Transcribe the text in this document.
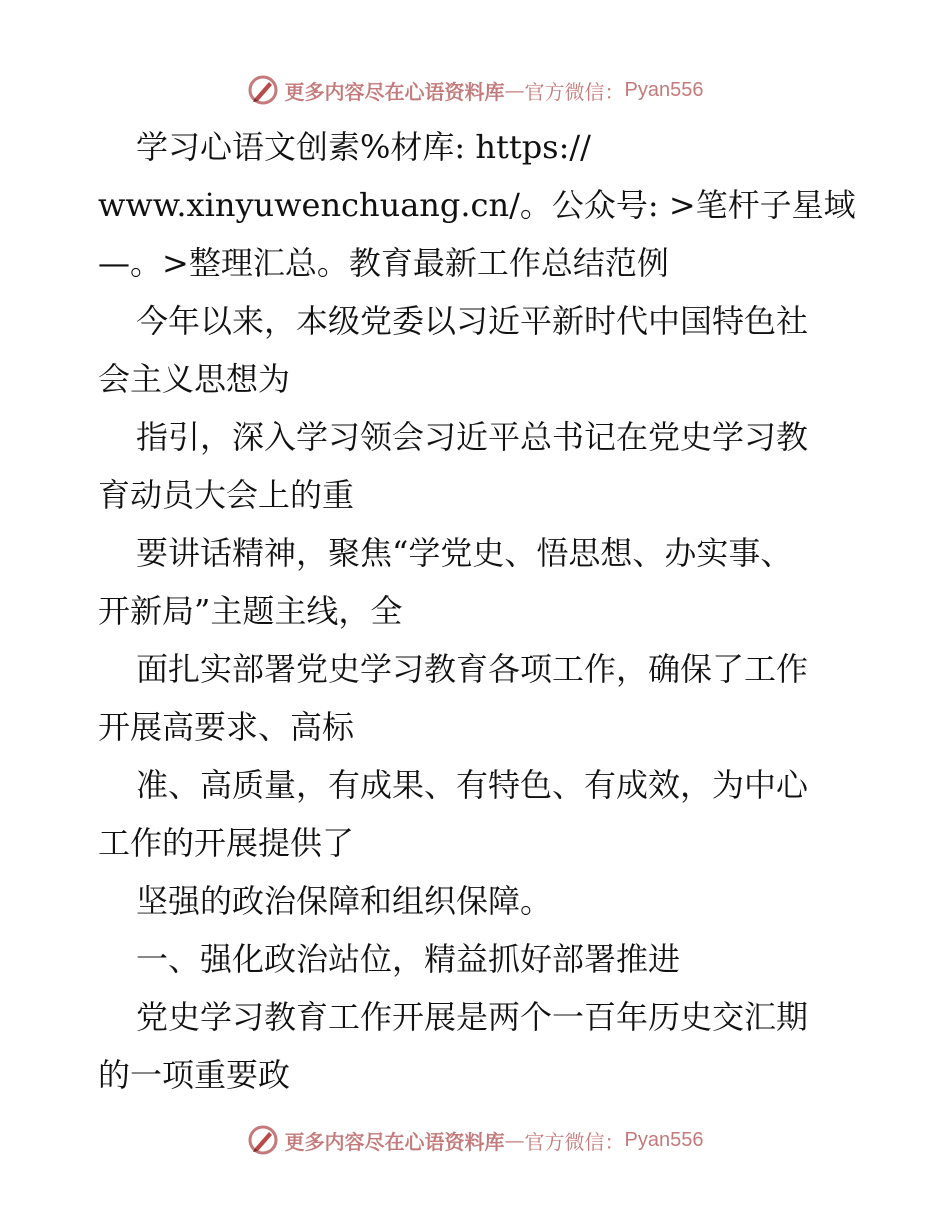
更多内容尽在心语资料库 — 官方微信： Pyan556
学习心语文创素%材库: https://
www.xinyuwenchuang.cn/。公众号: >笔杆子星域
—。>整理汇总。教育最新工作总结范例
今年以来，本级党委以习近平新时代中国特色社
会主义思想为
指引，深入学习领会习近平总书记在党史学习教
育动员大会上的重
要讲话精神，聚焦“学党史、悟思想、办实事、
开新局”主题主线，全
面扎实部署党史学习教育各项工作，确保了工作
开展高要求、高标
准、高质量，有成果、有特色、有成效，为中心
工作的开展提供了
坚强的政治保障和组织保障。
一、强化政治站位，精益抓好部署推进
党史学习教育工作开展是两个一百年历史交汇期
的一项重要政
更多内容尽在心语资料库 — 官方微信： Pyan556
